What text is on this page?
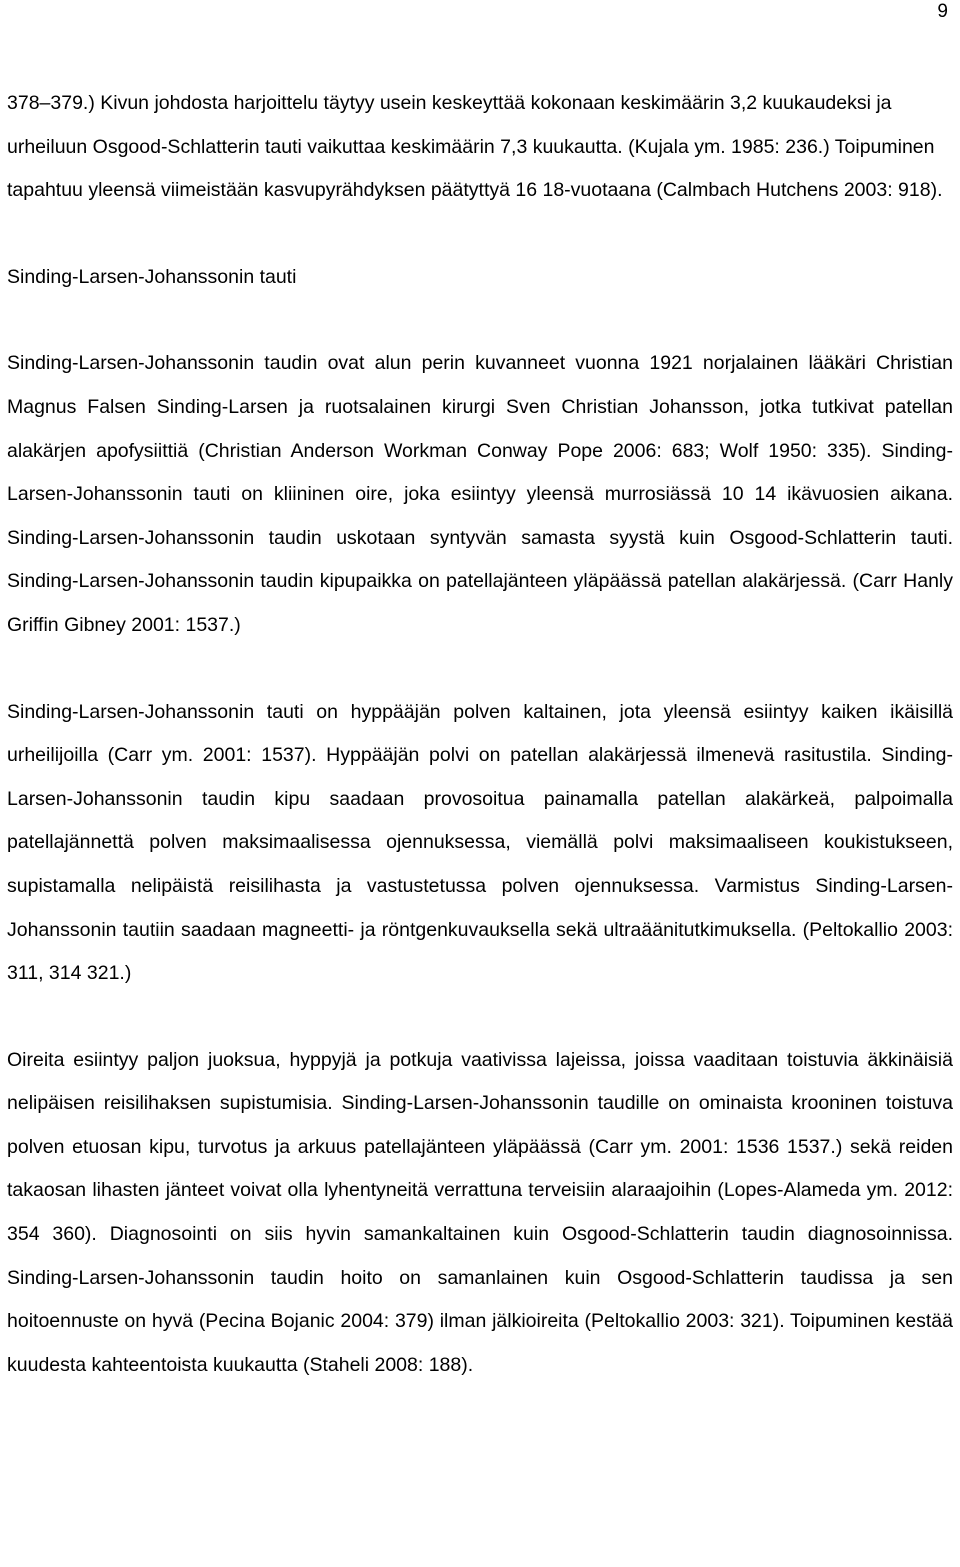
9

378–379.) Kivun johdosta harjoittelu täytyy usein keskeyttää kokonaan keskimäärin 3,2 kuukaudeksi ja urheiluun Osgood-Schlatterin tauti vaikuttaa keskimäärin 7,3 kuukautta. (Kujala ym. 1985: 236.) Toipuminen tapahtuu yleensä viimeistään kasvupyrähdyksen päätyttyä 16 18-vuotaana (Calmbach Hutchens 2003: 918).

Sinding-Larsen-Johanssonin tauti

Sinding-Larsen-Johanssonin taudin ovat alun perin kuvanneet vuonna 1921 norjalainen lääkäri Christian Magnus Falsen Sinding-Larsen ja ruotsalainen kirurgi Sven Christian Johansson, jotka tutkivat patellan alakärjen apofysiittiä (Christian Anderson Workman Conway Pope 2006: 683; Wolf 1950: 335). Sinding-Larsen-Johanssonin tauti on kliininen oire, joka esiintyy yleensä murrosiässä 10 14 ikävuosien aikana. Sinding-Larsen-Johanssonin taudin uskotaan syntyvän samasta syystä kuin Osgood-Schlatterin tauti. Sinding-Larsen-Johanssonin taudin kipupaikka on patellajänteen yläpäässä patellan alakärjessä. (Carr Hanly Griffin Gibney 2001: 1537.)

Sinding-Larsen-Johanssonin tauti on hyppääjän polven kaltainen, jota yleensä esiintyy kaiken ikäisillä urheilijoilla (Carr ym. 2001: 1537). Hyppääjän polvi on patellan alakärjessä ilmenevä rasitustila. Sinding-Larsen-Johanssonin taudin kipu saadaan provosoitua painamalla patellan alakärkeä, palpoimalla patellajännettä polven maksimaalisessa ojennuksessa, viemällä polvi maksimaaliseen koukistukseen, supistamalla nelipäistä reisilihasta ja vastustetussa polven ojennuksessa. Varmistus Sinding-Larsen-Johanssonin tautiin saadaan magneetti- ja röntgenkuvauksella sekä ultraäänitutkimuksella. (Peltokallio 2003: 311, 314 321.)

Oireita esiintyy paljon juoksua, hyppyjä ja potkuja vaativissa lajeissa, joissa vaaditaan toistuvia äkkinäisiä nelipäisen reisilihaksen supistumisia. Sinding-Larsen-Johanssonin taudille on ominaista krooninen toistuva polven etuosan kipu, turvotus ja arkuus patellajänteen yläpäässä (Carr ym. 2001: 1536 1537.) sekä reiden takaosan lihasten jänteet voivat olla lyhentyneitä verrattuna terveisiin alaraajoihin (Lopes-Alameda ym. 2012: 354 360). Diagnosointi on siis hyvin samankaltainen kuin Osgood-Schlatterin taudin diagnosoinnissa. Sinding-Larsen-Johanssonin taudin hoito on samanlainen kuin Osgood-Schlatterin taudissa ja sen hoitoennuste on hyvä (Pecina Bojanic 2004: 379) ilman jälkioireita (Peltokallio 2003: 321). Toipuminen kestää kuudesta kahteentoista kuukautta (Staheli 2008: 188).
